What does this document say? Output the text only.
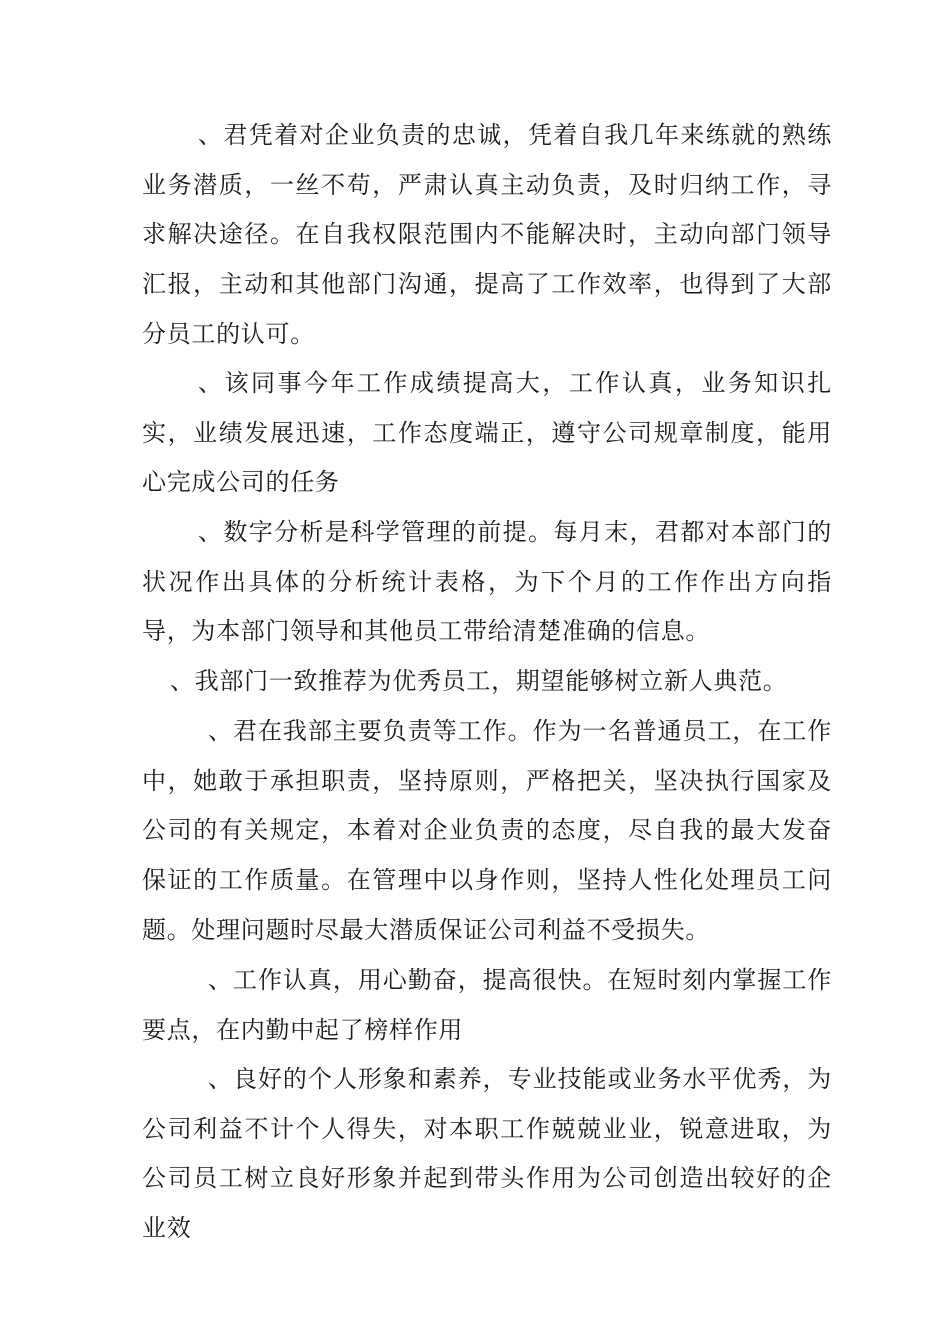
、君凭着对企业负责的忠诚，凭着自我几年来练就的熟练业务潜质，一丝不苟，严肃认真主动负责，及时归纳工作，寻求解决途径。在自我权限范围内不能解决时，主动向部门领导汇报，主动和其他部门沟通，提高了工作效率，也得到了大部分员工的认可。

、该同事今年工作成绩提高大，工作认真，业务知识扎实，业绩发展迅速，工作态度端正，遵守公司规章制度，能用心完成公司的任务

、数字分析是科学管理的前提。每月末，君都对本部门的状况作出具体的分析统计表格，为下个月的工作作出方向指导，为本部门领导和其他员工带给清楚准确的信息。

、我部门一致推荐为优秀员工，期望能够树立新人典范。

、君在我部主要负责等工作。作为一名普通员工，在工作中，她敢于承担职责，坚持原则，严格把关，坚决执行国家及公司的有关规定，本着对企业负责的态度，尽自我的最大发奋保证的工作质量。在管理中以身作则，坚持人性化处理员工问题。处理问题时尽最大潜质保证公司利益不受损失。

、工作认真，用心勤奋，提高很快。在短时刻内掌握工作要点，在内勤中起了榜样作用

、良好的个人形象和素养，专业技能或业务水平优秀，为公司利益不计个人得失，对本职工作兢兢业业，锐意进取，为公司员工树立良好形象并起到带头作用为公司创造出较好的企业效
